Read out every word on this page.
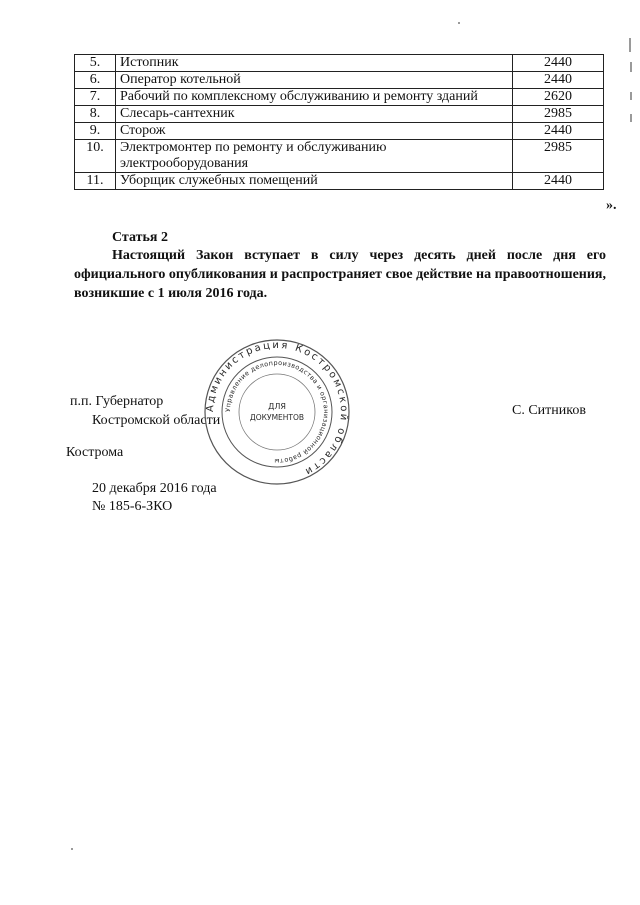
5.	Истопник	2440
6.	Оператор котельной	2440
7.	Рабочий по комплексному обслуживанию и ремонту зданий	2620
8.	Слесарь-сантехник	2985
9.	Сторож	2440
10.	Электромонтер по ремонту и обслуживанию электрооборудования	2985
11.	Уборщик служебных помещений	2440
».
Статья 2
Настоящий Закон вступает в силу через десять дней после дня его официального опубликования и распространяет свое действие на правоотношения, возникшие с 1 июля 2016 года.
п.п. Губернатор
Костромской области
С. Ситников
Администрация Костромской области
Управление делопроизводства и организационной работы
ДЛЯ
ДОКУМЕНТОВ
Кострома
20 декабря 2016 года
№ 185-6-ЗКО
